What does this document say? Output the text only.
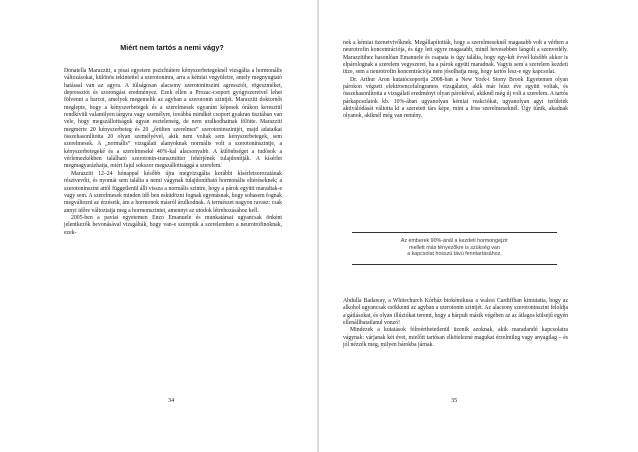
Miért nem tartós a nemi vágy?

Donatella Marazziti, a pisai egyetem pszichiátere kényszerbetegeknél vizsgálta a hormonális változásokat, különös tekintettel a szerotoninra, arra a kémiai vegyületre, amely megnyugtató hatással van az agyra. A túlságosan alacsony szerotoninszint agressziót, rögeszméket, depressziót és szorongást eredményez. Ezek ellen a Prozac-csoport gyógyszereivel lehet fölvenni a harcot, amelyek megemelik az agyban a szerotonin szintjét. Marazziti doktornőt meglepte, hogy a kényszerbetegek és a szerelmesek egyaránt képesek órákon keresztül rendkívüli valamilyen tárgyra vagy személyre, továbbá mindkét csoport gyakran tisztában van vele, hogy megszállottságuk ugyan esztelenség, de nem uralkodhatnak fölötte. Marazziti megmérte 20 kényszerbeteg és 20 „őrülten szerelmes” szerotoninszintjét, majd adataikat összehasonlította 20 olyan személyével, akik nem voltak sem kényszerbetegek, sem szerelmesek. A „normális” vizsgálati alanyoknak normális volt a szerotoninszintje, a kényszerbetegeké és a szerelmeseké 40%-kal alacsonyabb. A különbséget a tudósok a vérlemezkékben található szerotonin-transzmitter fehérjének tulajdonítják. A kísérlet megmagyarázhatja, miért fajul sokszor megszállottsággá a szerelem.

Marazziti 12–24 hónappal később újra megvizsgálta korábbi kísérletsorozatának résztvevőit, és nyomát sem találta a nemi vágynak tulajdonítható hormonális eltéréseknek; a szerotoninszint attól függetlenül állt vissza a normális szintre, hogy a párok együtt maradtak-e vagy sem. A szerelmesek minden idő ben esküdözni fognak egymásnak, hogy sohasem fognak megváltozni az érzéseik, ám a hormonok másról árulkodnak. A természet nagyon ravasz: csak annyi időre változtatja meg a hormonszintet, amennyi az utódok létrehozásához kell.

2005-ben a paviai egyetemen Enzo Emanuele és munkatársai ugyancsak önként jelentkezők bevonásával vizsgálták, hogy van-e szerepük a szerelemben a neurotrofinoknak, ezek-

34

nek a kémiai üzenetvivőknek. Megállapították, hogy a szerelmeseknél magasabb volt a vérben a neurotrofin koncentrációja, és úgy lett egyre magasabb, minél hevesebben lángolt a szenvedély. Marazzitihez hasonlóan Emanuele és csapata is úgy találta, hogy egy-két évvel később akkor is elpárolognak a szerelem vegyszerei, ha a párok együtt maradnak. Vagyis sem a szerelem kezdeti tüze, sem a neurotrofin koncentrációja nem jósolhatja meg, hogy tartós lesz-e egy kapcsolat.

Dr. Arthur Aron kutatócsoportja 2008-ban a New York-i Stony Brook Egyetemen olyan párokon végzett elektroencefalogramos vizsgálatot, akik már húsz éve együtt voltak, és összehasonlította a vizsgálati eredményt olyan párokéval, akiknél még új volt a szerelem. A tartós párkapcsolatok kb. 10%-ában ugyanolyan kémiai reakciókat, ugyanolyan agyi területek aktiválódását váltotta ki a szeretett társ képe, mint a friss szerelmeseknél. Úgy tűnik, akadnak olyanok, akiknél még van remény.

Az emberek 90%-ánál a kezdeti hormongejzír
mellett más tényezőkre is szükség van
a kapcsolat hosszú távú fenntartásához.

Abdulla Badaway, a Whitechurch Kórház biokémikusa a walesi Cardiffban kimutatta, hogy az alkohol ugyancsak csökkenti az agyban a szerotonin szintjét. Az alacsony szerotoninszint feloldja a gátlásokat, és olyan illúziókat teremt, hogy a bárpult másik végében az az átlagos külsejű egyén ellenállhatatlanul vonzó!

Mindezek a kutatások félreérthetetlenül üzenik azoknak, akik maradandó kapcsolatra vágynak: várjanak két évet, mielőtt tartósan elkötelezné magukat érzelmileg vagy anyagilag – és jól nézzék meg, milyen bárokba járnak.

35
